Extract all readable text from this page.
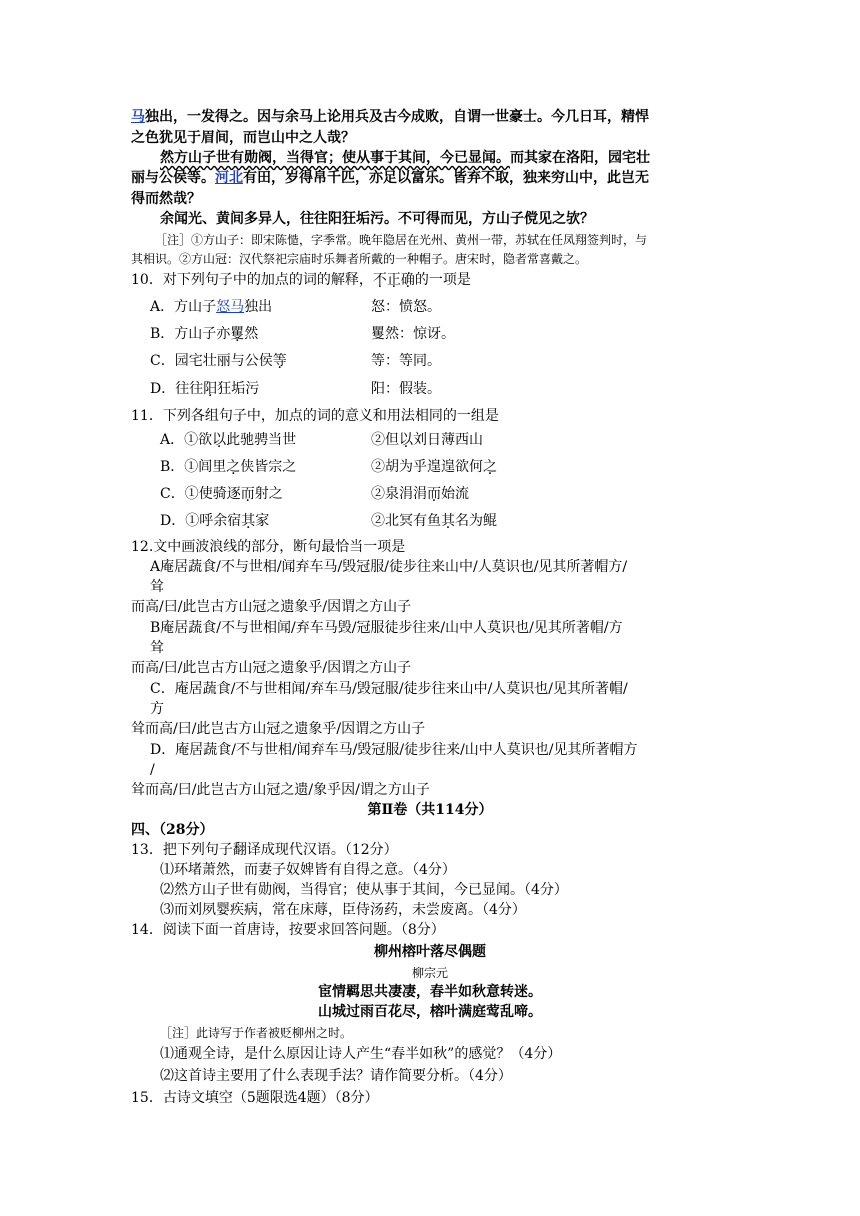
马独出，一发得之。因与余马上论用兵及古今成败，自谓一世豪士。今几日耳，精悍
之色犹见于眉间，而岂山中之人哉？
然方山子世有勋阀，当得官；使从事于其间，今已显闻。而其家在洛阳，园宅壮
丽与公侯等。河北有田，岁得帛千匹，亦足以富乐。皆弃不取，独来穷山中，此岂无
得而然哉？
余闻光、黄间多异人，往往阳狂垢污。不可得而见，方山子傥见之欤？
［注］①方山子：即宋陈慥，字季常。晚年隐居在光州、黄州一带，苏轼在任凤翔签判时，与
其相识。②方山冠：汉代祭祀宗庙时乐舞者所戴的一种帽子。唐宋时，隐者常喜戴之。
10．对下列句子中的加点的词的解释，不正确的一项是
A．方山子怒马独出	怒：愤怒。
B．方山子亦矍然	矍然：惊讶。
C．园宅壮丽与公侯等	等：等同。
D．往往阳狂垢污	阳：假装。
11．下列各组句子中，加点的词的意义和用法相同的一组是
A．①欲以此驰骋当世	②但以刘日薄西山
B．①闾里之侠皆宗之	②胡为乎遑遑欲何之
C．①使骑逐而射之	②泉涓涓而始流
D．①呼余宿其家	②北冥有鱼其名为鲲
12.文中画波浪线的部分，断句最恰当一项是
A庵居蔬食/不与世相/闻弃车马/毁冠服/徒步往来山中/人莫识也/见其所著帽方/
耸
而高/曰/此岂古方山冠之遗象乎/因谓之方山子
B庵居蔬食/不与世相闻/弃车马毁/冠服徒步往来/山中人莫识也/见其所著帽/方
耸
而高/曰/此岂古方山冠之遗象乎/因谓之方山子
C．庵居蔬食/不与世相闻/弃车马/毁冠服/徒步往来山中/人莫识也/见其所著帽/
方
耸而高/曰/此岂古方山冠之遗象乎/因谓之方山子
D．庵居蔬食/不与世相/闻弃车马/毁冠服/徒步往来/山中人莫识也/见其所著帽方
/
耸而高/曰/此岂古方山冠之遗/象乎因/谓之方山子
第Ⅱ卷（共114分）
四、（28分）
13．把下列句子翻译成现代汉语。（12分）
⑴环堵萧然，而妻子奴婢皆有自得之意。（4分）
⑵然方山子世有勋阀，当得官；使从事于其间，今已显闻。（4分）
⑶而刘夙婴疾病，常在床蓐，臣侍汤药，未尝废离。（4分）
14．阅读下面一首唐诗，按要求回答问题。（8分）
柳州榕叶落尽偶题
柳宗元
宦情羁思共凄凄，春半如秋意转迷。
山城过雨百花尽，榕叶满庭莺乱啼。
［注］此诗写于作者被贬柳州之时。
⑴通观全诗，是什么原因让诗人产生“春半如秋”的感觉？（4分）
⑵这首诗主要用了什么表现手法？请作简要分析。（4分）
15．古诗文填空（5题限选4题）（8分）
